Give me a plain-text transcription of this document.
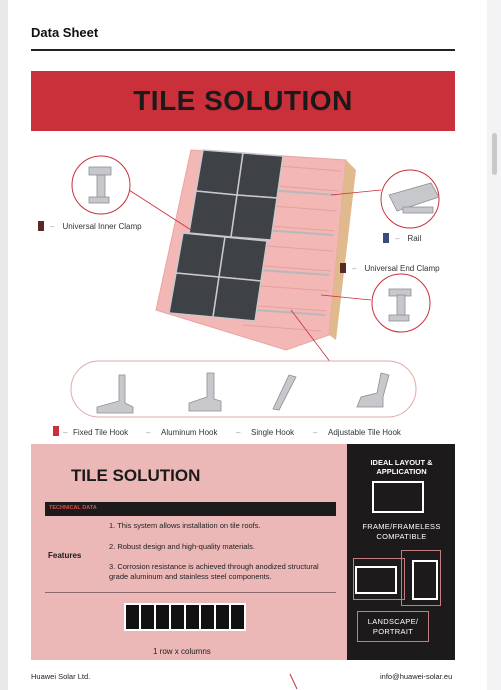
Data Sheet
TILE SOLUTION
– Universal Inner Clamp
– Rail
– Universal End Clamp
– Fixed Tile Hook – Aluminum Hook – Single Hook – Adjustable Tile Hook
TILE SOLUTION
TECHNICAL DATA
Features
1. This system allows installation on tile roofs.
2. Robust design and high-quality materials.
3. Corrosion resistance is achieved through anodized structural grade aluminum and stainless steel components.
1 row x columns
IDEAL LAYOUT & APPLICATION
FRAME/FRAMELESS COMPATIBLE
LANDSCAPE/ PORTRAIT
Huawei Solar Ltd.	info@huawei-solar.eu
